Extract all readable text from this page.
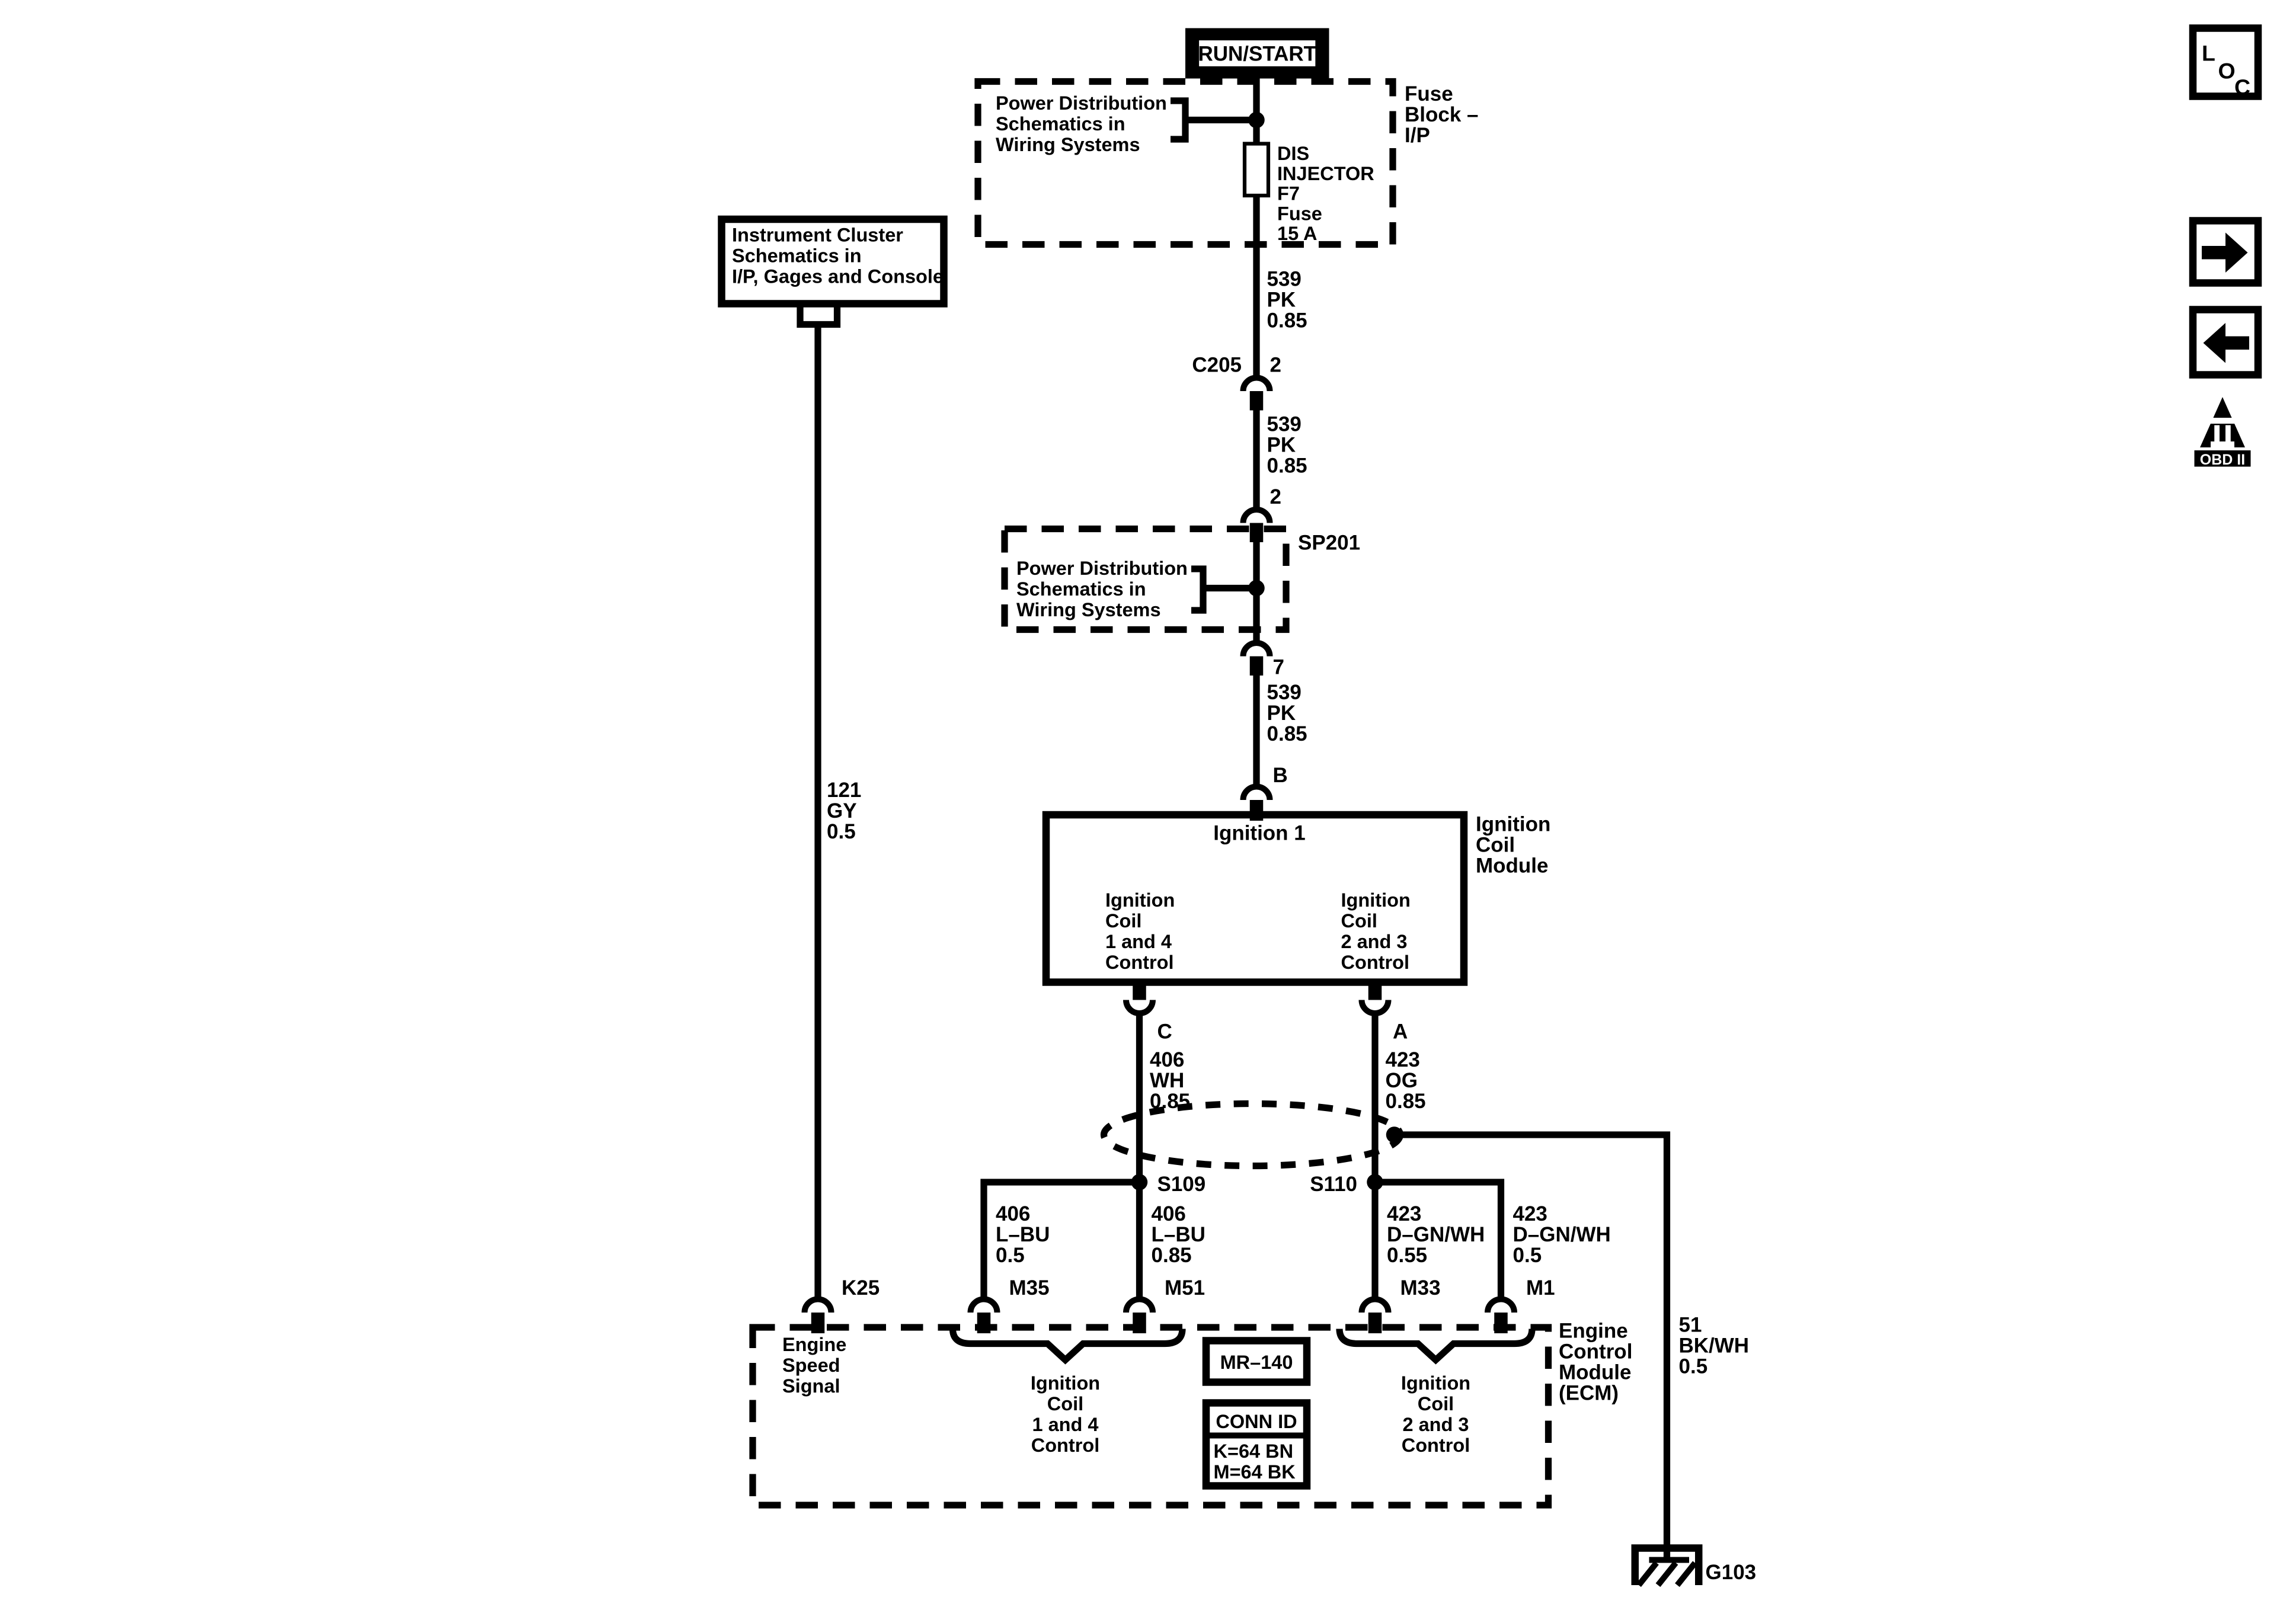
RUN/START
Fuse
Block –
I/P
Power Distribution
Schematics in
Wiring Systems	DIS
INJECTOR
F7
Fuse
15 A
539
PK
0.85
C205	2
539
PK
0.85
2
SP201
Power Distribution
Schematics in
Wiring Systems
7
539
PK
0.85
B
Ignition 1	Ignition
Coil
Module
Ignition
Coil
1 and 4
Control
Ignition
Coil
2 and 3
Control
C	A
406
WH
0.85
423
OG
0.85
S109	S110
406
L–BU
0.5
406
L–BU
0.85
423
D–GN/WH
0.55
423
D–GN/WH
0.5
Instrument Cluster
Schematics in
I/P, Gages and Console
121
GY
0.5
K25	M35	M51	M33	M1
Engine
Control
Module
(ECM)
Engine
Speed
Signal	Ignition
Coil
1 and 4
Control
Ignition
Coil
2 and 3
Control
MR–140
CONN ID
K=64 BN
M=64 BK
51
BK/WH
0.5
G103
L
O
C
OBD II
